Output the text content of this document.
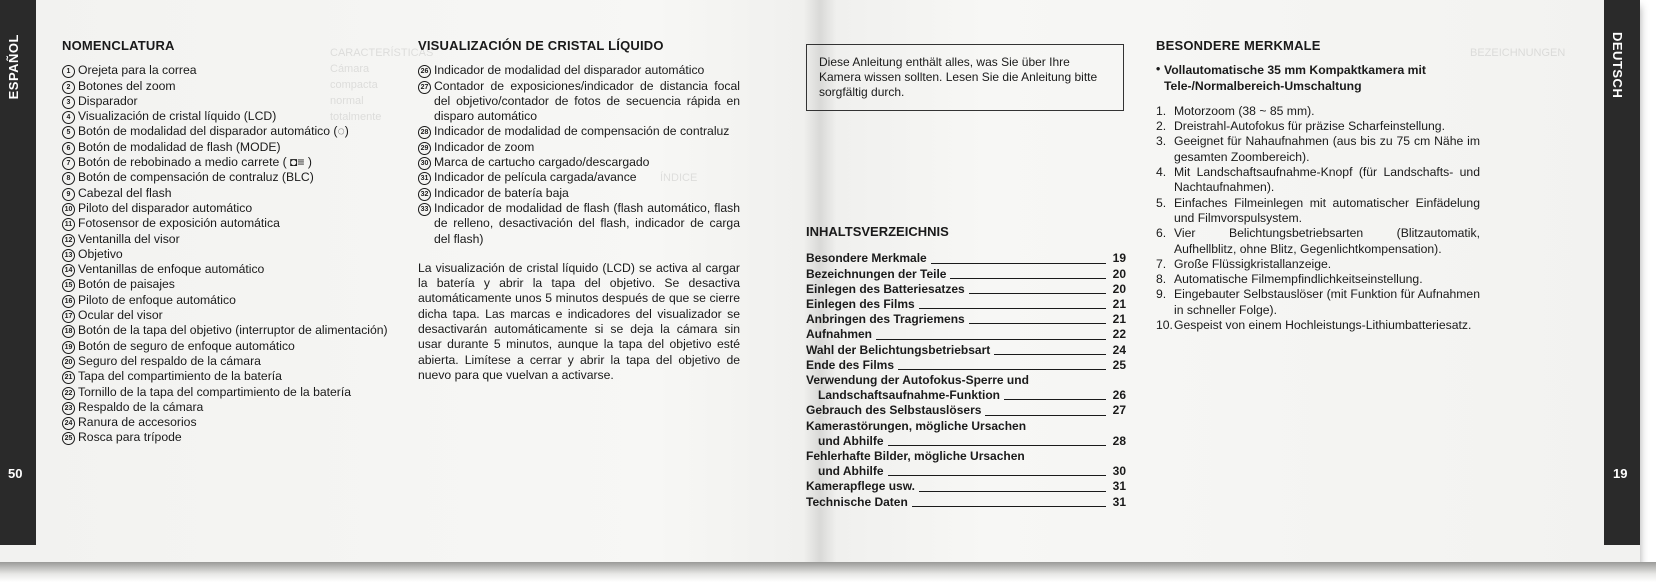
ESPAÑOL
50
DEUTSCH
19
CARACTERÍSTICAS
Cámara compacta
normal totalmente
ÍNDICE
BEZEICHNUNGEN
NOMENCLATURA
1 Orejeta para la correa
2 Botones del zoom
3 Disparador
4 Visualización de cristal líquido (LCD)
5 Botón de modalidad del disparador automático (◌)
6 Botón de modalidad de flash (MODE)
7 Botón de rebobinado a medio carrete ( ◘≡ )
8 Botón de compensación de contraluz (BLC)
9 Cabezal del flash
10 Piloto del disparador automático
11 Fotosensor de exposición automática
12 Ventanilla del visor
13 Objetivo
14 Ventanillas de enfoque automático
15 Botón de paisajes
16 Piloto de enfoque automático
17 Ocular del visor
18 Botón de la tapa del objetivo (interruptor de alimentación)
19 Botón de seguro de enfoque automático
20 Seguro del respaldo de la cámara
21 Tapa del compartimiento de la batería
22 Tornillo de la tapa del compartimiento de la batería
23 Respaldo de la cámara
24 Ranura de accesorios
25 Rosca para trípode
VISUALIZACIÓN DE CRISTAL LÍQUIDO
26 Indicador de modalidad del disparador automático
27 Contador de exposiciones/indicador de distancia focal del objetivo/contador de fotos de secuencia rápida en disparo automático
28 Indicador de modalidad de compensación de contraluz
29 Indicador de zoom
30 Marca de cartucho cargado/descargado
31 Indicador de película cargada/avance
32 Indicador de batería baja
33 Indicador de modalidad de flash (flash automático, flash de relleno, desactivación del flash, indicador de carga del flash)

La visualización de cristal líquido (LCD) se activa al cargar la batería y abrir la tapa del objetivo. Se desactiva automáticamente unos 5 minutos después de que se cierre dicha tapa. Las marcas e indicadores del visualizador se desactivarán automáticamente si se deja la cámara sin usar durante 5 minutos, aunque la tapa del objetivo esté abierta. Limítese a cerrar y abrir la tapa del objetivo de nuevo para que vuelvan a activarse.

Diese Anleitung enthält alles, was Sie über Ihre Kamera wissen sollten. Lesen Sie die Anleitung bitte sorgfältig durch.
INHALTSVERZEICHNIS
Besondere Merkmale	19
Bezeichnungen der Teile	20
Einlegen des Batteriesatzes	20
Einlegen des Films	21
Anbringen des Tragriemens	21
Aufnahmen	22
Wahl der Belichtungsbetriebsart	24
Ende des Films	25
Verwendung der Autofokus-Sperre und
Landschaftsaufnahme-Funktion	26
Gebrauch des Selbstauslösers	27
Kamerastörungen, mögliche Ursachen
und Abhilfe	28
Fehlerhafte Bilder, mögliche Ursachen
und Abhilfe	30
Kamerapflege usw.	31
Technische Daten	31
BESONDERE MERKMALE
• Vollautomatische 35 mm Kompaktkamera mit Tele-/Normalbereich-Umschaltung
1. Motorzoom (38 ~ 85 mm).
2. Dreistrahl-Autofokus für präzise Scharfeinstellung.
3. Geeignet für Nahaufnahmen (aus bis zu 75 cm Nähe im gesamten Zoombereich).
4. Mit Landschaftsaufnahme-Knopf (für Landschafts- und Nachtaufnahmen).
5. Einfaches Filmeinlegen mit automatischer Einfädelung und Filmvorspulsystem.
6. Vier Belichtungsbetriebsarten (Blitzautomatik, Aufhellblitz, ohne Blitz, Gegenlichtkompensation).
7. Große Flüssigkristallanzeige.
8. Automatische Filmempfindlichkeitseinstellung.
9. Eingebauter Selbstauslöser (mit Funktion für Aufnahmen in schneller Folge).
10. Gespeist von einem Hochleistungs-Lithiumbatteriesatz.
